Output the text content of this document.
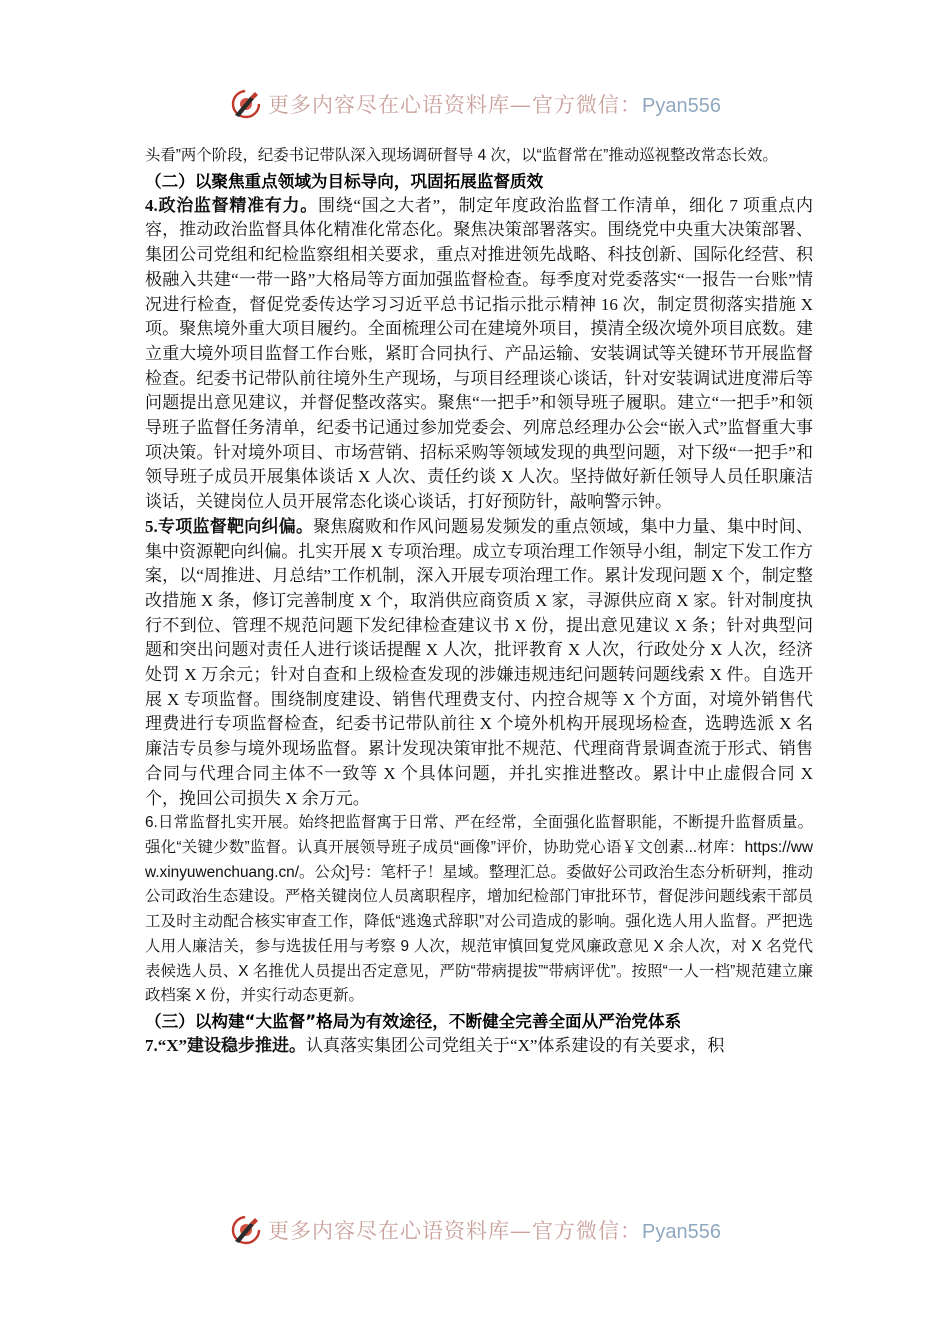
更多内容尽在心语资料库—官方微信：Pyan556

头看”两个阶段，纪委书记带队深入现场调研督导 4 次，以“监督常在”推动巡视整改常态长效。

（二）以聚焦重点领域为目标导向，巩固拓展监督质效

4.政治监督精准有力。围绕“国之大者”，制定年度政治监督工作清单，细化 7 项重点内容，推动政治监督具体化精准化常态化。聚焦决策部署落实。围绕党中央重大决策部署、集团公司党组和纪检监察组相关要求，重点对推进领先战略、科技创新、国际化经营、积极融入共建“一带一路”大格局等方面加强监督检查。每季度对党委落实“一报告一台账”情况进行检查，督促党委传达学习习近平总书记指示批示精神 16 次，制定贯彻落实措施 X 项。聚焦境外重大项目履约。全面梳理公司在建境外项目，摸清全级次境外项目底数。建立重大境外项目监督工作台账，紧盯合同执行、产品运输、安装调试等关键环节开展监督检查。纪委书记带队前往境外生产现场，与项目经理谈心谈话，针对安装调试进度滞后等问题提出意见建议，并督促整改落实。聚焦“一把手”和领导班子履职。建立“一把手”和领导班子监督任务清单，纪委书记通过参加党委会、列席总经理办公会“嵌入式”监督重大事项决策。针对境外项目、市场营销、招标采购等领域发现的典型问题，对下级“一把手”和领导班子成员开展集体谈话 X 人次、责任约谈 X 人次。坚持做好新任领导人员任职廉洁谈话，关键岗位人员开展常态化谈心谈话，打好预防针，敲响警示钟。

5.专项监督靶向纠偏。聚焦腐败和作风问题易发频发的重点领域，集中力量、集中时间、集中资源靶向纠偏。扎实开展 X 专项治理。成立专项治理工作领导小组，制定下发工作方案，以“周推进、月总结”工作机制，深入开展专项治理工作。累计发现问题 X 个，制定整改措施 X 条，修订完善制度 X 个，取消供应商资质 X 家，寻源供应商 X 家。针对制度执行不到位、管理不规范问题下发纪律检查建议书 X 份，提出意见建议 X 条；针对典型问题和突出问题对责任人进行谈话提醒 X 人次，批评教育 X 人次，行政处分 X 人次，经济处罚 X 万余元；针对自查和上级检查发现的涉嫌违规违纪问题转问题线索 X 件。自选开展 X 专项监督。围绕制度建设、销售代理费支付、内控合规等 X 个方面，对境外销售代理费进行专项监督检查，纪委书记带队前往 X 个境外机构开展现场检查，选聘选派 X 名廉洁专员参与境外现场监督。累计发现决策审批不规范、代理商背景调查流于形式、销售合同与代理合同主体不一致等 X 个具体问题，并扎实推进整改。累计中止虚假合同 X 个，挽回公司损失 X 余万元。

6.日常监督扎实开展。始终把监督寓于日常、严在经常，全面强化监督职能，不断提升监督质量。强化“关键少数”监督。认真开展领导班子成员“画像”评价，协助党心语￥文创素...材库：https://www.xinyuwenchuang.cn/。公众]号：笔杆子！星域。整理汇总。委做好公司政治生态分析研判，推动公司政治生态建设。严格关键岗位人员离职程序，增加纪检部门审批环节，督促涉问题线索干部员工及时主动配合核实审查工作，降低“逃逸式辞职”对公司造成的影响。强化选人用人监督。严把选人用人廉洁关，参与选拔任用与考察 9 人次，规范审慎回复党风廉政意见 X 余人次，对 X 名党代表候选人员、X 名推优人员提出否定意见，严防“带病提拔”“带病评优”。按照“一人一档”规范建立廉政档案 X 份，并实行动态更新。

（三）以构建“大监督”格局为有效途径，不断健全完善全面从严治党体系

7.“X”建设稳步推进。认真落实集团公司党组关于“X”体系建设的有关要求，积

更多内容尽在心语资料库—官方微信：Pyan556
